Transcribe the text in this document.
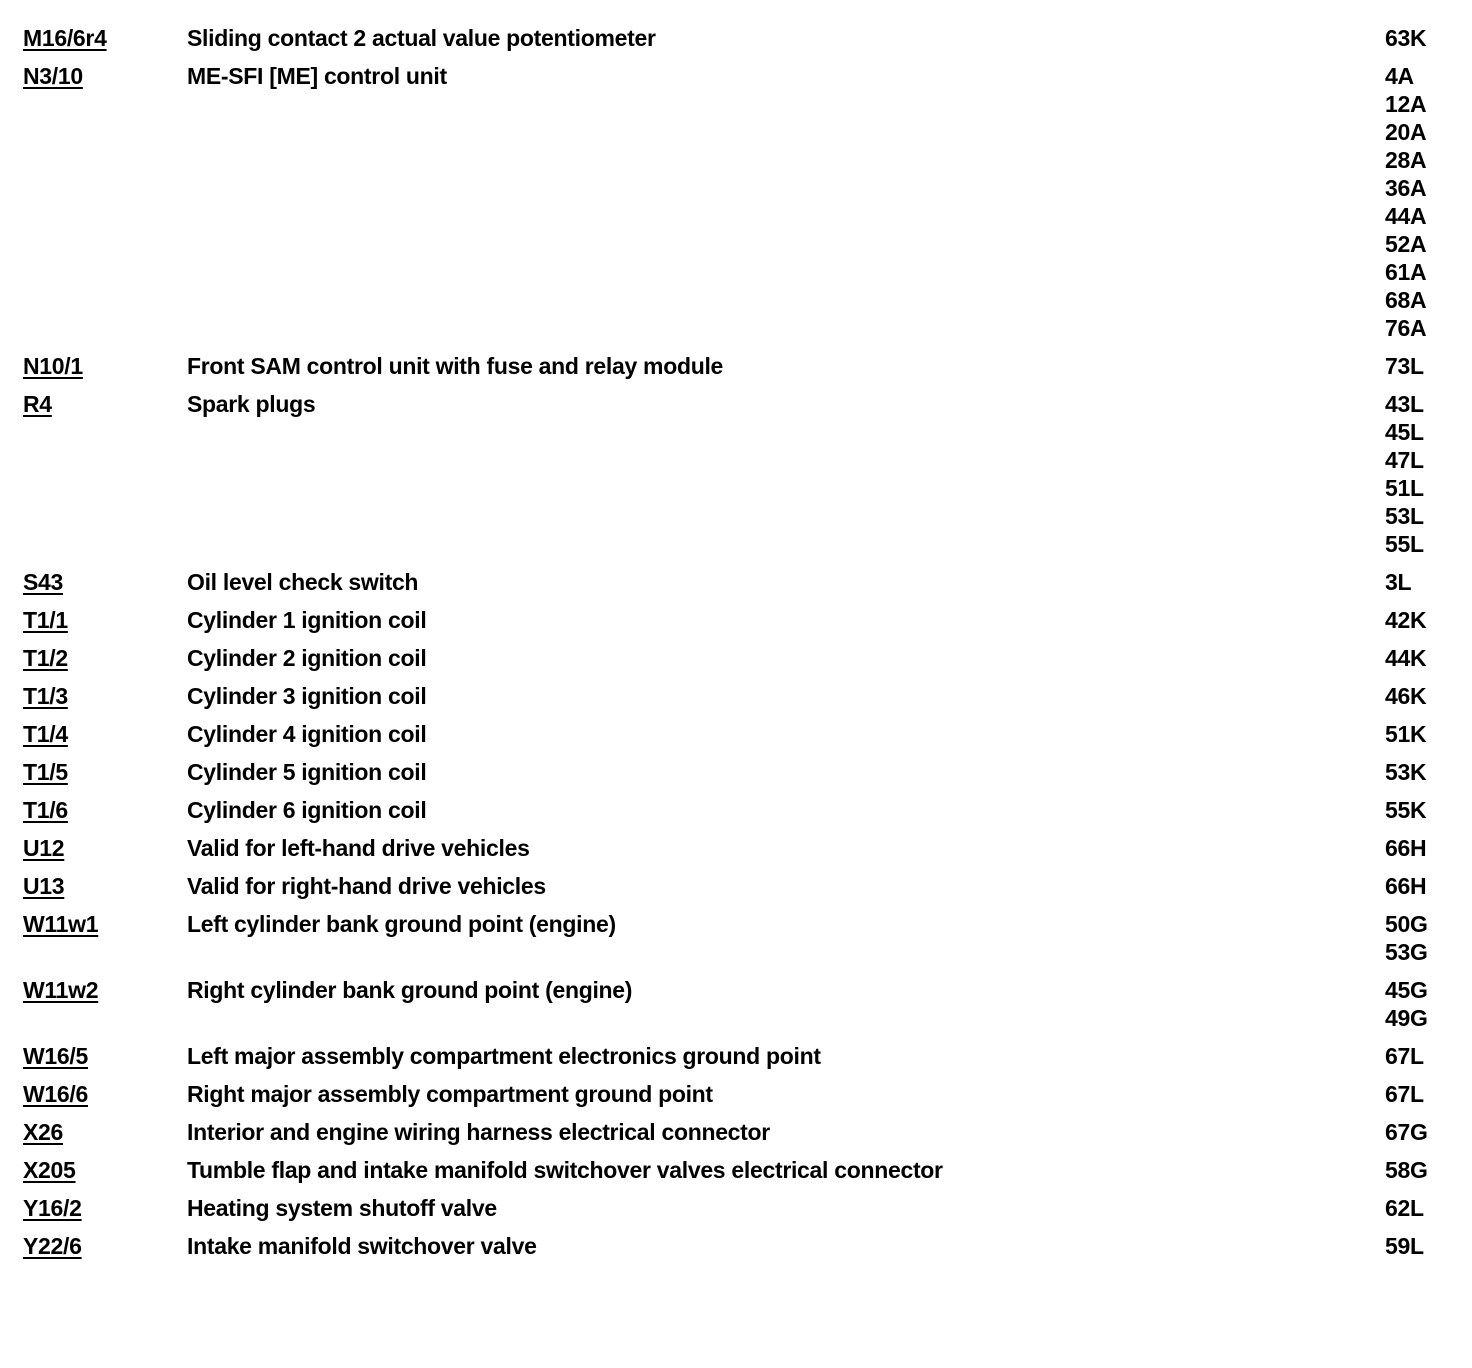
M16/6r4	Sliding contact 2 actual value potentiometer	63K
N3/10	ME-SFI [ME] control unit	4A
12A
20A
28A
36A
44A
52A
61A
68A
76A
N10/1	Front SAM control unit with fuse and relay module	73L
R4	Spark plugs	43L
45L
47L
51L
53L
55L
S43	Oil level check switch	3L
T1/1	Cylinder 1 ignition coil	42K
T1/2	Cylinder 2 ignition coil	44K
T1/3	Cylinder 3 ignition coil	46K
T1/4	Cylinder 4 ignition coil	51K
T1/5	Cylinder 5 ignition coil	53K
T1/6	Cylinder 6 ignition coil	55K
U12	Valid for left-hand drive vehicles	66H
U13	Valid for right-hand drive vehicles	66H
W11w1	Left cylinder bank ground point (engine)	50G
53G
W11w2	Right cylinder bank ground point (engine)	45G
49G
W16/5	Left major assembly compartment electronics ground point	67L
W16/6	Right major assembly compartment ground point	67L
X26	Interior and engine wiring harness electrical connector	67G
X205	Tumble flap and intake manifold switchover valves electrical connector	58G
Y16/2	Heating system shutoff valve	62L
Y22/6	Intake manifold switchover valve	59L
